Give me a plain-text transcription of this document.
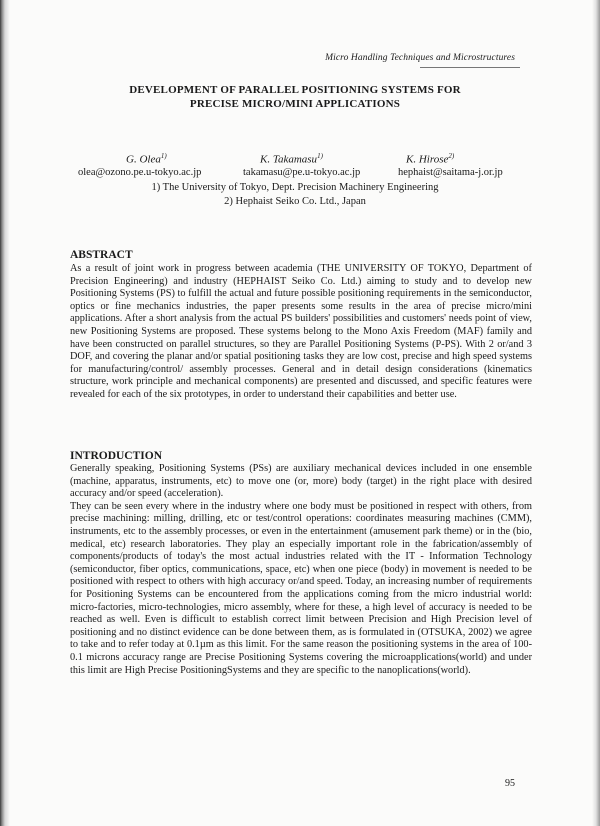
Micro Handling Techniques and Microstructures
DEVELOPMENT OF PARALLEL POSITIONING SYSTEMS FOR
PRECISE MICRO/MINI APPLICATIONS
G. Olea$^{1)}$	K. Takamasu$^{1)}$	K. Hirose$^{2)}$
olea@ozono.pe.u-tokyo.ac.jp	takamasu@pe.u-tokyo.ac.jp	hephaist@saitama-j.or.jp
1) The University of Tokyo, Dept. Precision Machinery Engineering
2) Hephaist Seiko Co. Ltd., Japan
ABSTRACT

As a result of joint work in progress between academia (THE UNIVERSITY OF TOKYO, Department of Precision Engineering) and industry (HEPHAIST Seiko Co. Ltd.) aiming to study and to develop new Positioning Systems (PS) to fulfill the actual and future possible positioning requirements in the semiconductor, optics or fine mechanics industries, the paper presents some results in the area of precise micro/mini applications. After a short analysis from the actual PS builders' possibilities and customers' needs point of view, new Positioning Systems are proposed. These systems belong to the Mono Axis Freedom (MAF) family and have been constructed on parallel structures, so they are Parallel Positioning Systems (P-PS). With 2 or/and 3 DOF, and covering the planar and/or spatial positioning tasks they are low cost, precise and high speed systems for manufacturing/control/ assembly processes. General and in detail design considerations (kinematics structure, work principle and mechanical components) are presented and discussed, and specific features were revealed for each of the six prototypes, in order to understand their capabilities and better use.

INTRODUCTION

Generally speaking, Positioning Systems (PSs) are auxiliary mechanical devices included in one ensemble (machine, apparatus, instruments, etc) to move one (or, more) body (target) in the right place with desired accuracy and/or speed (acceleration).

They can be seen every where in the industry where one body must be positioned in respect with others, from precise machining: milling, drilling, etc or test/control operations: coordinates measuring machines (CMM), instruments, etc to the assembly processes, or even in the entertainment (amusement park theme) or in the (bio, medical, etc) research laboratories. They play an especially important role in the fabrication/assembly of components/products of today's the most actual industries related with the IT - Information Technology (semiconductor, fiber optics, communications, space, etc) when one piece (body) in movement is needed to be positioned with respect to others with high accuracy or/and speed. Today, an increasing number of requirements for Positioning Systems can be encountered from the applications coming from the micro industrial world: micro-factories, micro-technologies, micro assembly, where for these, a high level of accuracy is needed to be reached as well. Even is difficult to establish correct limit between Precision and High Precision level of positioning and no distinct evidence can be done between them, as is formulated in (OTSUKA, 2002) we agree to take and to refer today at 0.1µm as this limit. For the same reason the positioning systems in the area of 100-0.1 microns accuracy range are Precise Positioning Systems covering the microapplications(world) and under this limit are High Precise PositioningSystems and they are specific to the nanoplications(world).

95
